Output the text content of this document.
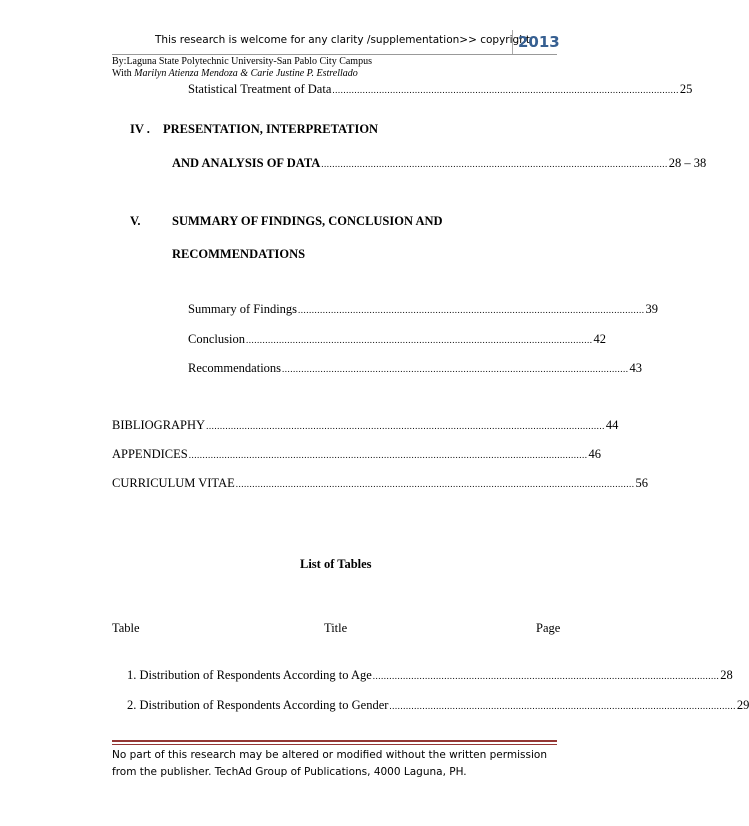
This research is welcome for any clarity /supplementation>> copyright
2013
By:Laguna State Polytechnic University-San Pablo City Campus
With Marilyn Atienza Mendoza & Carie Justine P. Estrellado
Statistical Treatment of Data .............................................................................................................................. 25
IV . PRESENTATION, INTERPRETATION
AND ANALYSIS OF DATA .............................................................................................................................. 28 – 38
V.	SUMMARY OF FINDINGS, CONCLUSION AND
RECOMMENDATIONS
Summary of Findings .............................................................................................................................. 39
Conclusion .............................................................................................................................. 42
Recommendations .............................................................................................................................. 43
BIBLIOGRAPHY ................................................................................................................................................. 44
APPENDICES ................................................................................................................................................. 46
CURRICULUM VITAE ................................................................................................................................................. 56
List of Tables
Table	Title	Page
1. Distribution of Respondents According to Age .............................................................................................................................. 28
2. Distribution of Respondents According to Gender .............................................................................................................................. 29
No part of this research may be altered or modified without the written permission from the publisher. TechAd Group of Publications, 4000 Laguna, PH.
